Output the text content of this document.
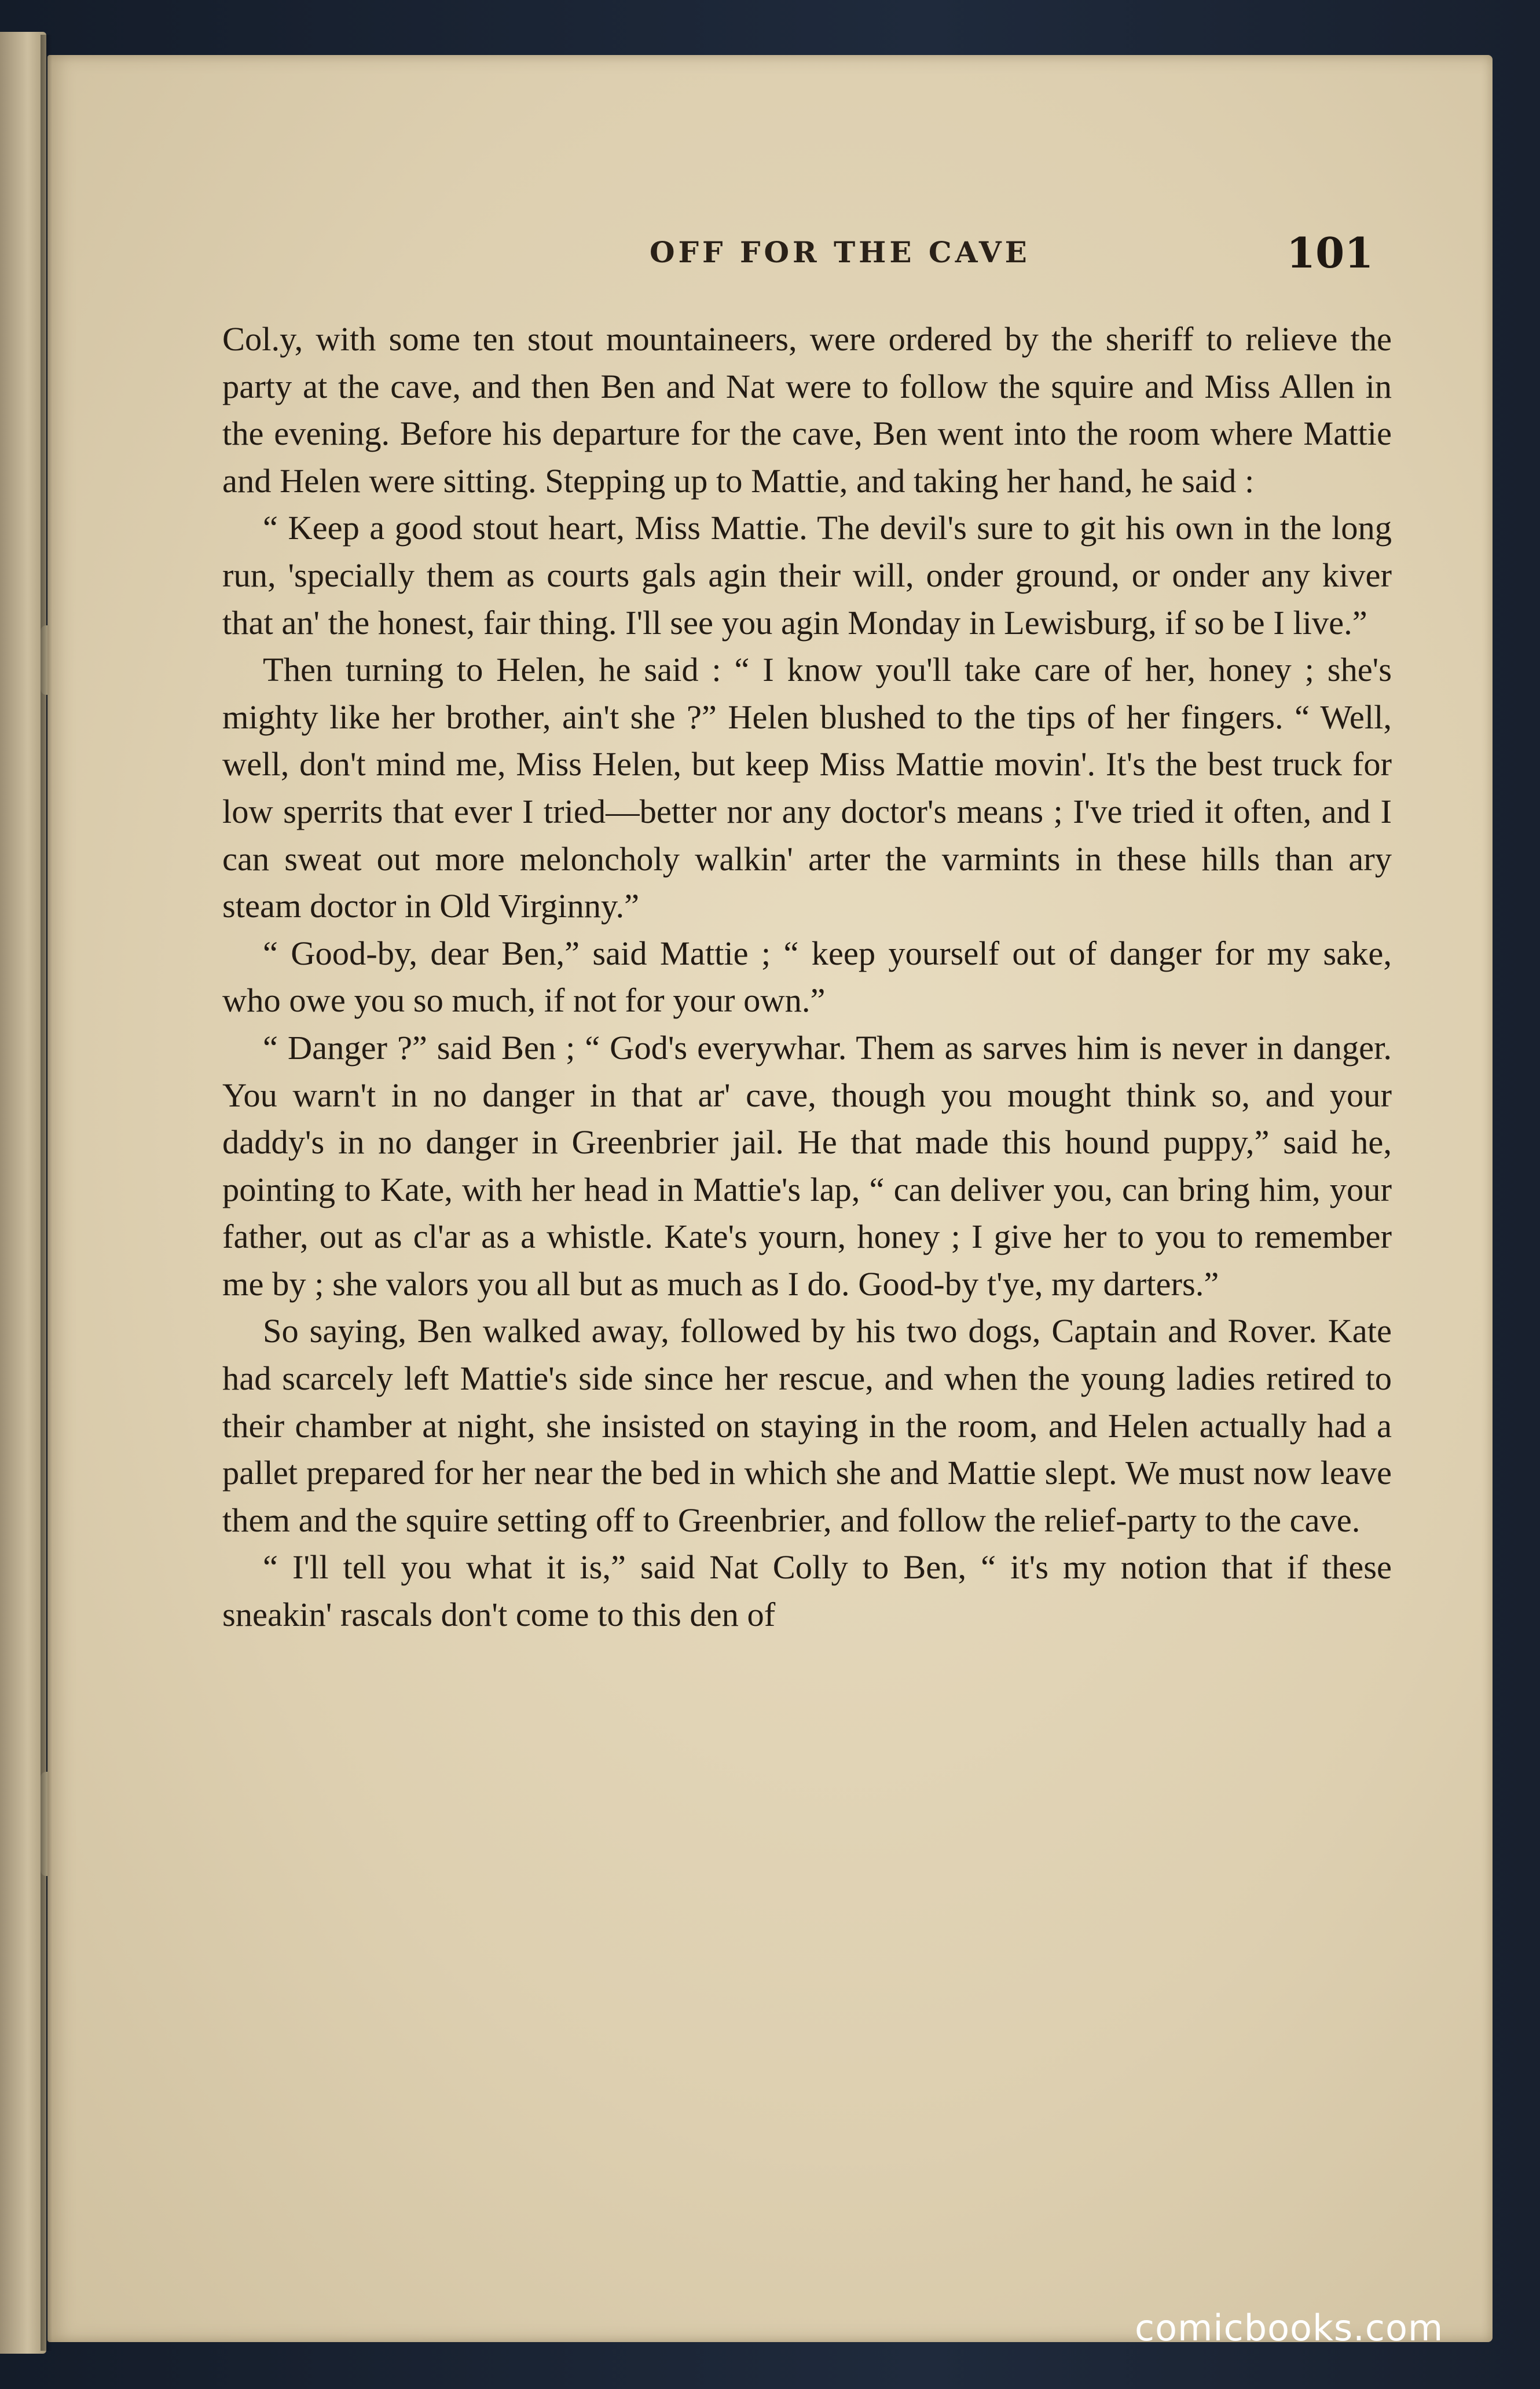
OFF FOR THE CAVE	101

Col.y, with some ten stout mountaineers, were ordered by the sheriff to relieve the party at the cave, and then Ben and Nat were to follow the squire and Miss Allen in the evening. Before his departure for the cave, Ben went into the room where Mattie and Helen were sitting. Stepping up to Mattie, and taking her hand, he said :

“ Keep a good stout heart, Miss Mattie. The devil's sure to git his own in the long run, 'specially them as courts gals agin their will, onder ground, or onder any kiver that an' the honest, fair thing. I'll see you agin Monday in Lewisburg, if so be I live.”

Then turning to Helen, he said : “ I know you'll take care of her, honey ; she's mighty like her brother, ain't she ?” Helen blushed to the tips of her fingers. “ Well, well, don't mind me, Miss Helen, but keep Miss Mattie movin'. It's the best truck for low sperrits that ever I tried—better nor any doctor's means ; I've tried it often, and I can sweat out more meloncholy walkin' arter the varmints in these hills than ary steam doctor in Old Virginny.”

“ Good-by, dear Ben,” said Mattie ; “ keep yourself out of danger for my sake, who owe you so much, if not for your own.”

“ Danger ?” said Ben ; “ God's everywhar. Them as sarves him is never in danger. You warn't in no danger in that ar' cave, though you mought think so, and your daddy's in no danger in Greenbrier jail. He that made this hound puppy,” said he, pointing to Kate, with her head in Mattie's lap, “ can deliver you, can bring him, your father, out as cl'ar as a whistle. Kate's yourn, honey ; I give her to you to remember me by ; she valors you all but as much as I do. Good-by t'ye, my darters.”

So saying, Ben walked away, followed by his two dogs, Captain and Rover. Kate had scarcely left Mattie's side since her rescue, and when the young ladies retired to their chamber at night, she insisted on staying in the room, and Helen actually had a pallet prepared for her near the bed in which she and Mattie slept. We must now leave them and the squire setting off to Greenbrier, and follow the relief-party to the cave.

“ I'll tell you what it is,” said Nat Colly to Ben, “ it's my notion that if these sneakin' rascals don't come to this den of

comicbooks.com
